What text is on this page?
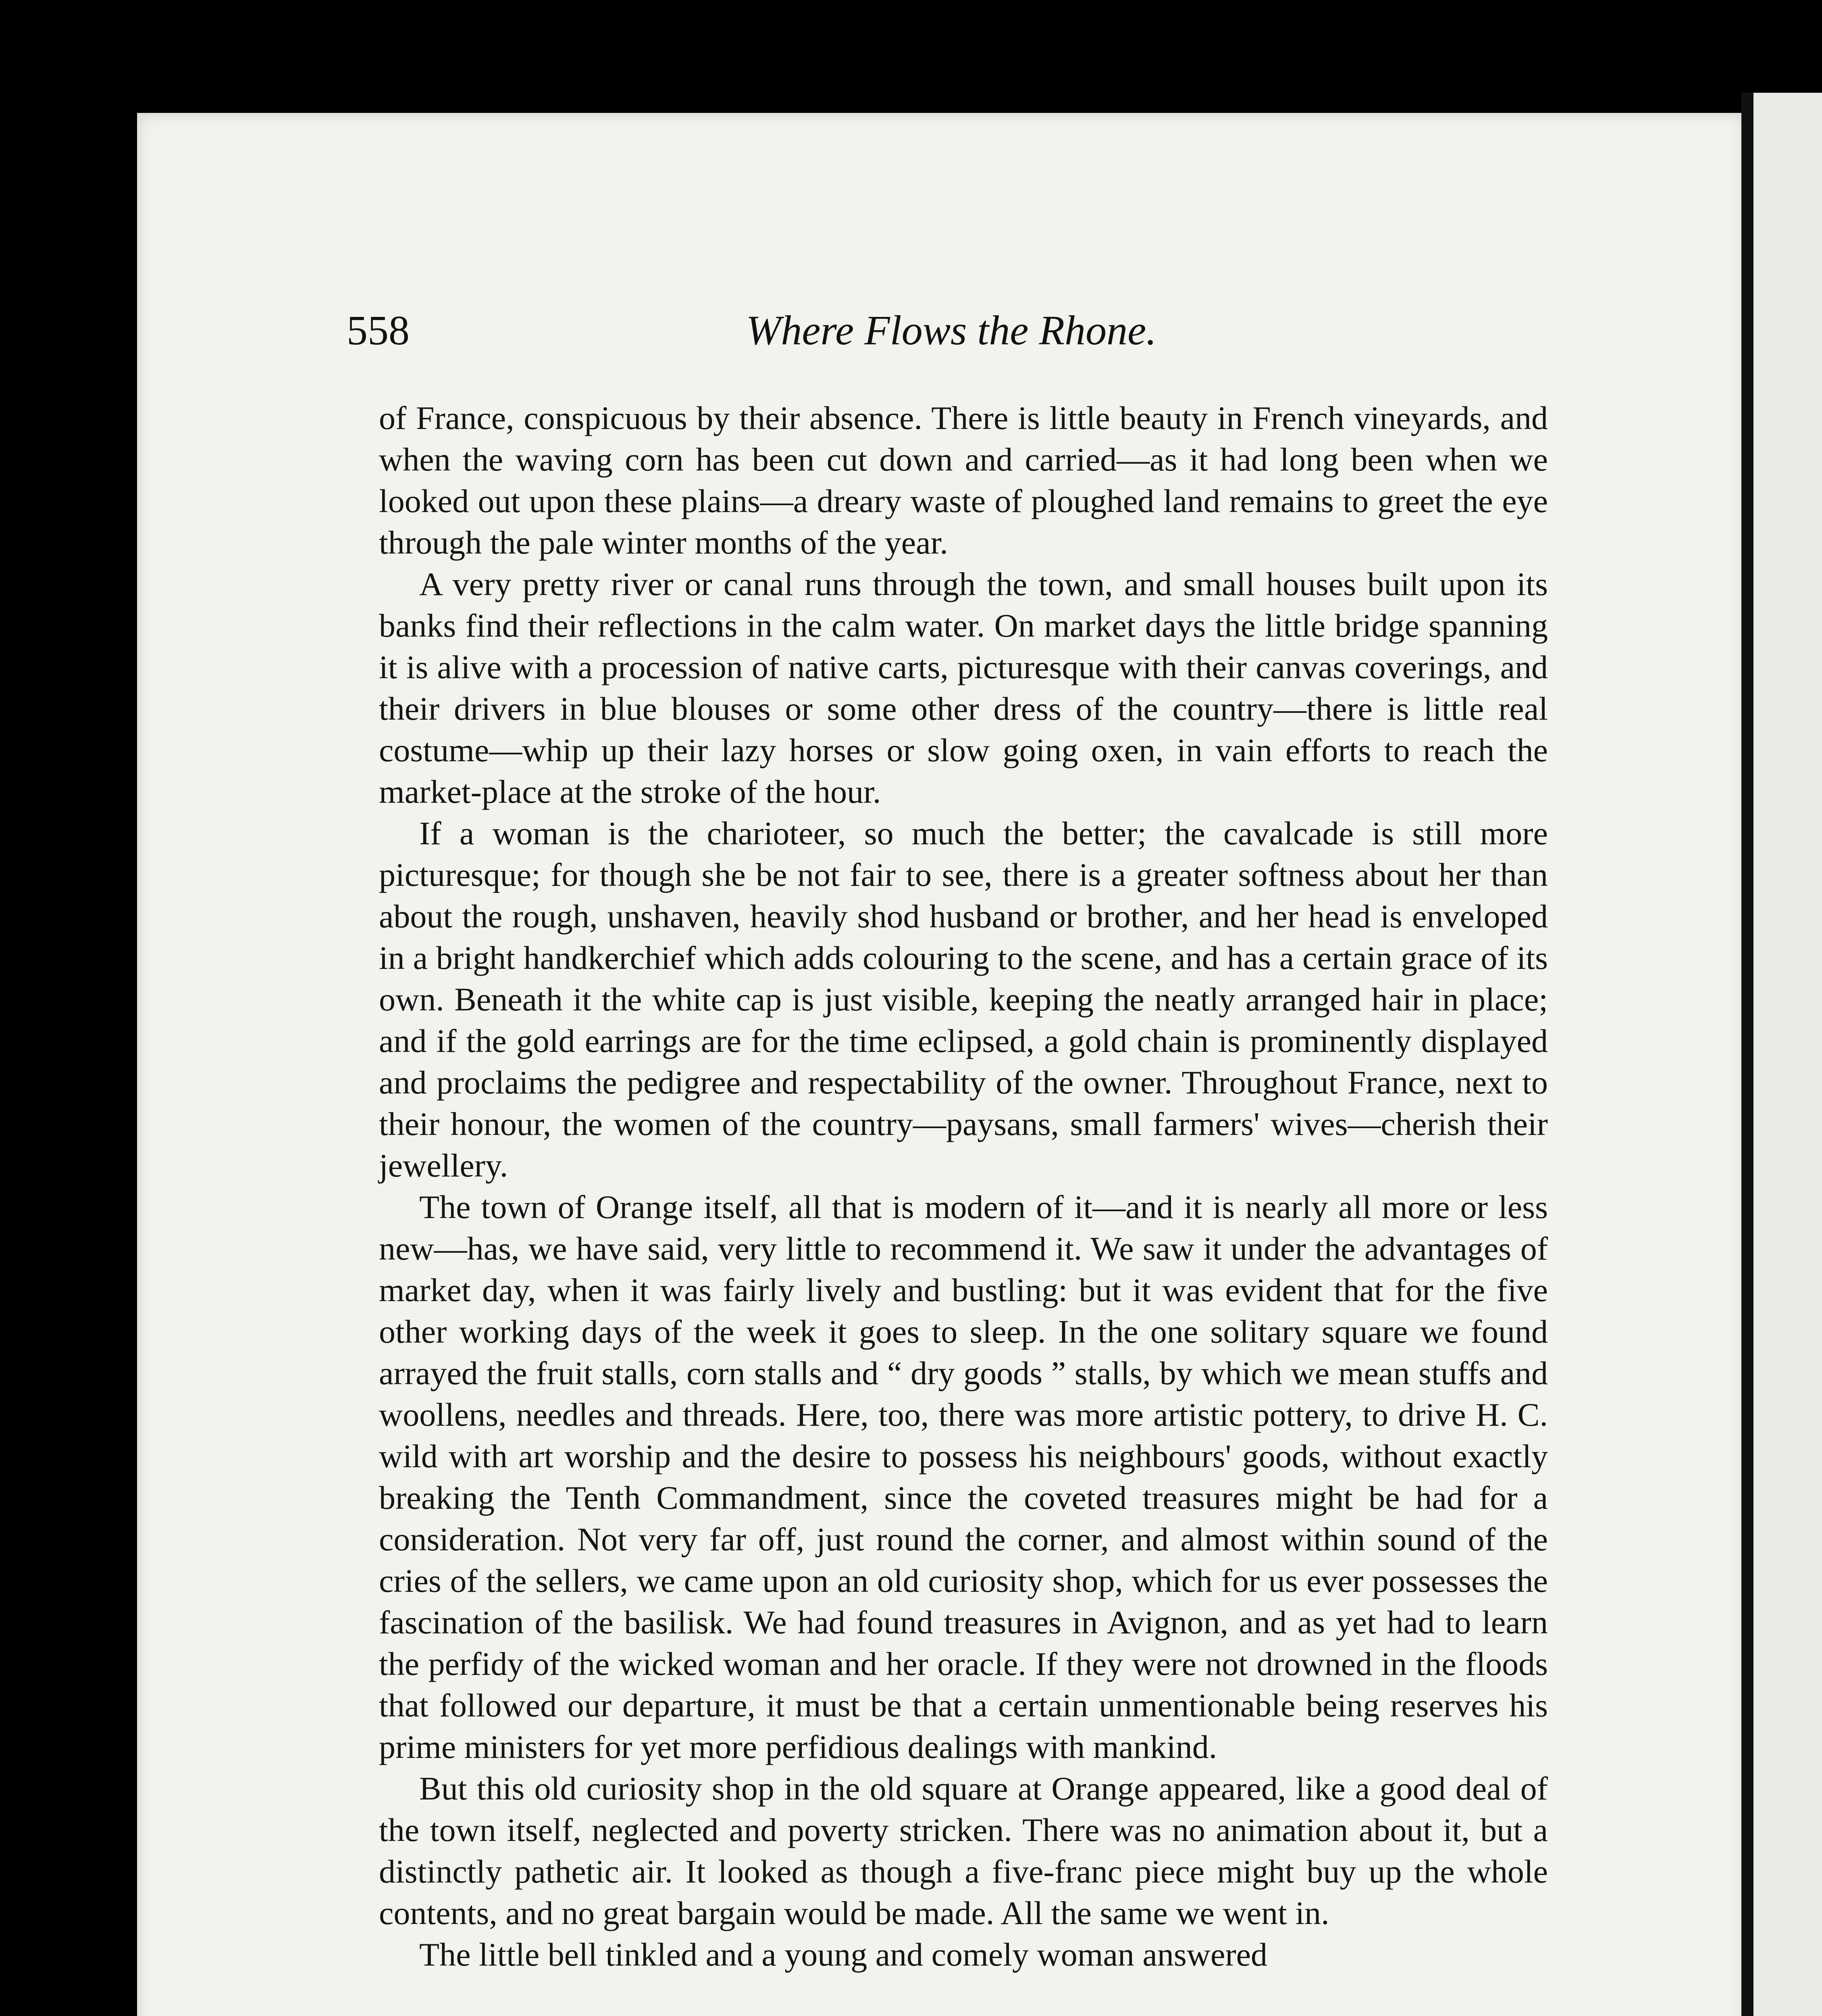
558	Where Flows the Rhone.

of France, conspicuous by their absence. There is little beauty in French vineyards, and when the waving corn has been cut down and carried—as it had long been when we looked out upon these plains—a dreary waste of ploughed land remains to greet the eye through the pale winter months of the year.

A very pretty river or canal runs through the town, and small houses built upon its banks find their reflections in the calm water. On market days the little bridge spanning it is alive with a procession of native carts, picturesque with their canvas coverings, and their drivers in blue blouses or some other dress of the country—there is little real costume—whip up their lazy horses or slow going oxen, in vain efforts to reach the market-place at the stroke of the hour.

If a woman is the charioteer, so much the better; the cavalcade is still more picturesque; for though she be not fair to see, there is a greater softness about her than about the rough, unshaven, heavily shod husband or brother, and her head is enveloped in a bright handkerchief which adds colouring to the scene, and has a certain grace of its own. Beneath it the white cap is just visible, keeping the neatly arranged hair in place; and if the gold earrings are for the time eclipsed, a gold chain is prominently displayed and proclaims the pedigree and respectability of the owner. Throughout France, next to their honour, the women of the country—paysans, small farmers' wives—cherish their jewellery.

The town of Orange itself, all that is modern of it—and it is nearly all more or less new—has, we have said, very little to recommend it. We saw it under the advantages of market day, when it was fairly lively and bustling: but it was evident that for the five other working days of the week it goes to sleep. In the one solitary square we found arrayed the fruit stalls, corn stalls and “ dry goods ” stalls, by which we mean stuffs and woollens, needles and threads. Here, too, there was more artistic pottery, to drive H. C. wild with art worship and the desire to possess his neighbours' goods, without exactly breaking the Tenth Commandment, since the coveted treasures might be had for a consideration. Not very far off, just round the corner, and almost within sound of the cries of the sellers, we came upon an old curiosity shop, which for us ever possesses the fascination of the basilisk. We had found treasures in Avignon, and as yet had to learn the perfidy of the wicked woman and her oracle. If they were not drowned in the floods that followed our departure, it must be that a certain unmentionable being reserves his prime ministers for yet more perfidious dealings with mankind.

But this old curiosity shop in the old square at Orange appeared, like a good deal of the town itself, neglected and poverty stricken. There was no animation about it, but a distinctly pathetic air. It looked as though a five-franc piece might buy up the whole contents, and no great bargain would be made. All the same we went in.

The little bell tinkled and a young and comely woman answered
